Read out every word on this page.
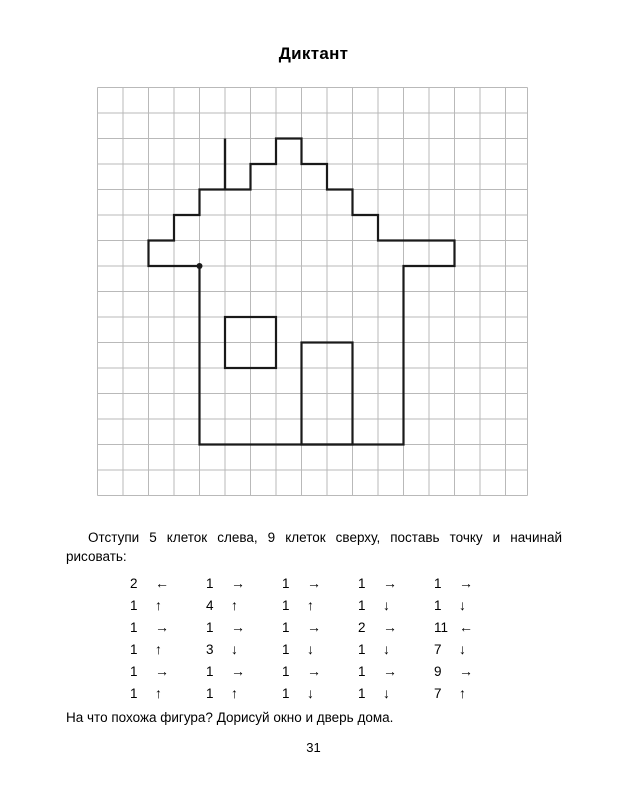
Диктант
Отступи 5 клеток слева, 9 клеток сверху, поставь точку и начинай рисовать:
2 ←	1 →	1 →	1 →	1 →

1 ↑	4 ↑	1 ↑	1 ↓	1 ↓

1 →	1 →	1 →	2 →	11 ←

1 ↑	3 ↓	1 ↓	1 ↓	7 ↓

1 →	1 →	1 →	1 →	9 →

1 ↑	1 ↑	1 ↓	1 ↓	7 ↑
На что похожа фигура? Дорисуй окно и дверь дома.
31
